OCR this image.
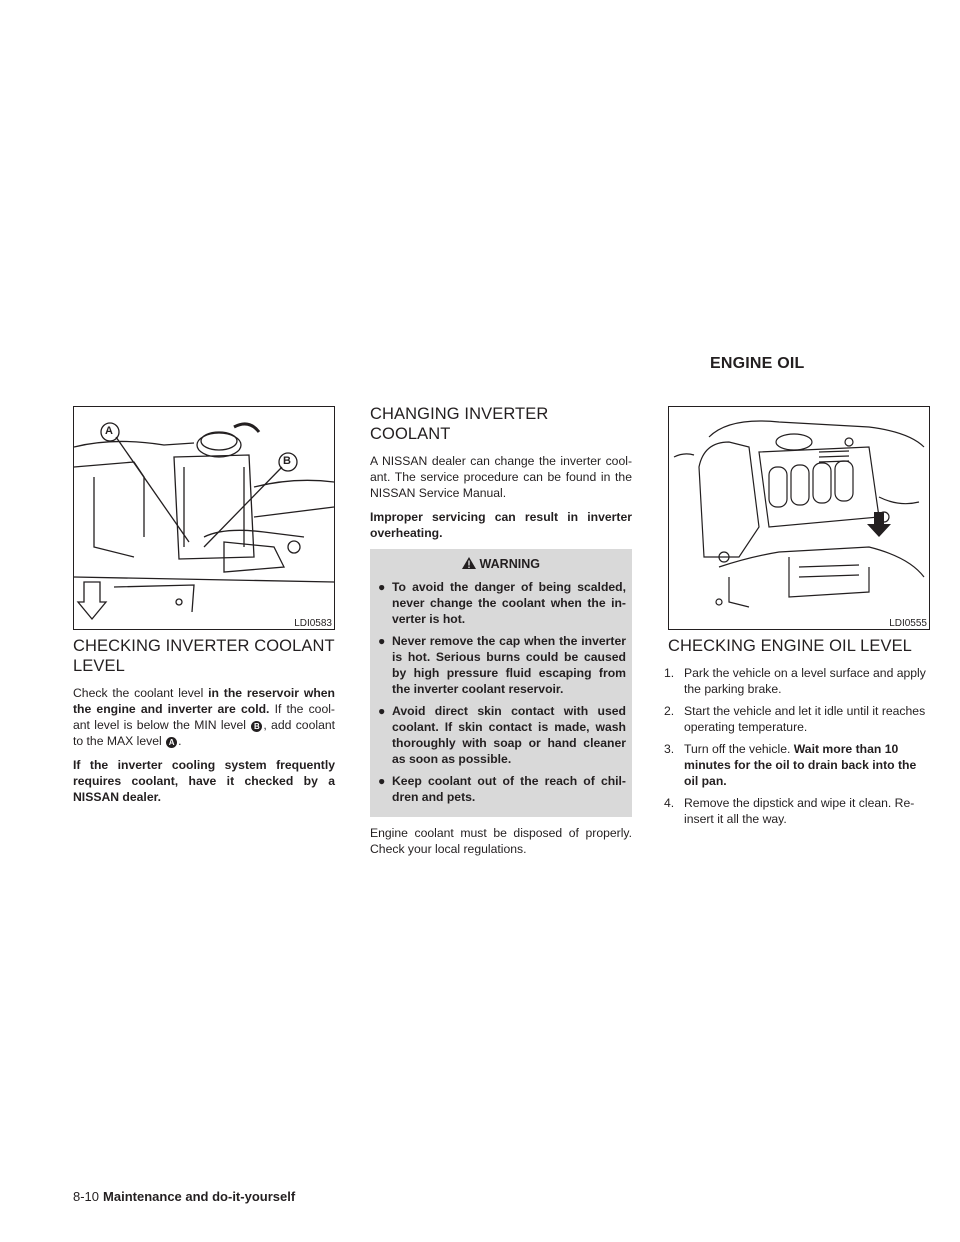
ENGINE OIL
A
B
LDI0583
CHECKING INVERTER COOLANT LEVEL

Check the coolant level in the reservoir when the engine and inverter are cold. If the cool-ant level is below the MIN level B , add coolant to the MAX level A .

If the inverter cooling system frequently requires coolant, have it checked by a NISSAN dealer.

CHANGING INVERTER COOLANT

A NISSAN dealer can change the inverter cool-ant. The service procedure can be found in the NISSAN Service Manual.

Improper servicing can result in inverter overheating.

WARNING
● To avoid the danger of being scalded, never change the coolant when the in-verter is hot.
● Never remove the cap when the inverter is hot. Serious burns could be caused by high pressure fluid escaping from the inverter coolant reservoir.
● Avoid direct skin contact with used coolant. If skin contact is made, wash thoroughly with soap or hand cleaner as soon as possible.
● Keep coolant out of the reach of chil-dren and pets.

Engine coolant must be disposed of properly. Check your local regulations.

LDI0555
CHECKING ENGINE OIL LEVEL
1. Park the vehicle on a level surface and apply the parking brake.
2. Start the vehicle and let it idle until it reaches operating temperature.
3. Turn off the vehicle. Wait more than 10 minutes for the oil to drain back into the oil pan.
4. Remove the dipstick and wipe it clean. Re-insert it all the way.
8-10 Maintenance and do-it-yourself
